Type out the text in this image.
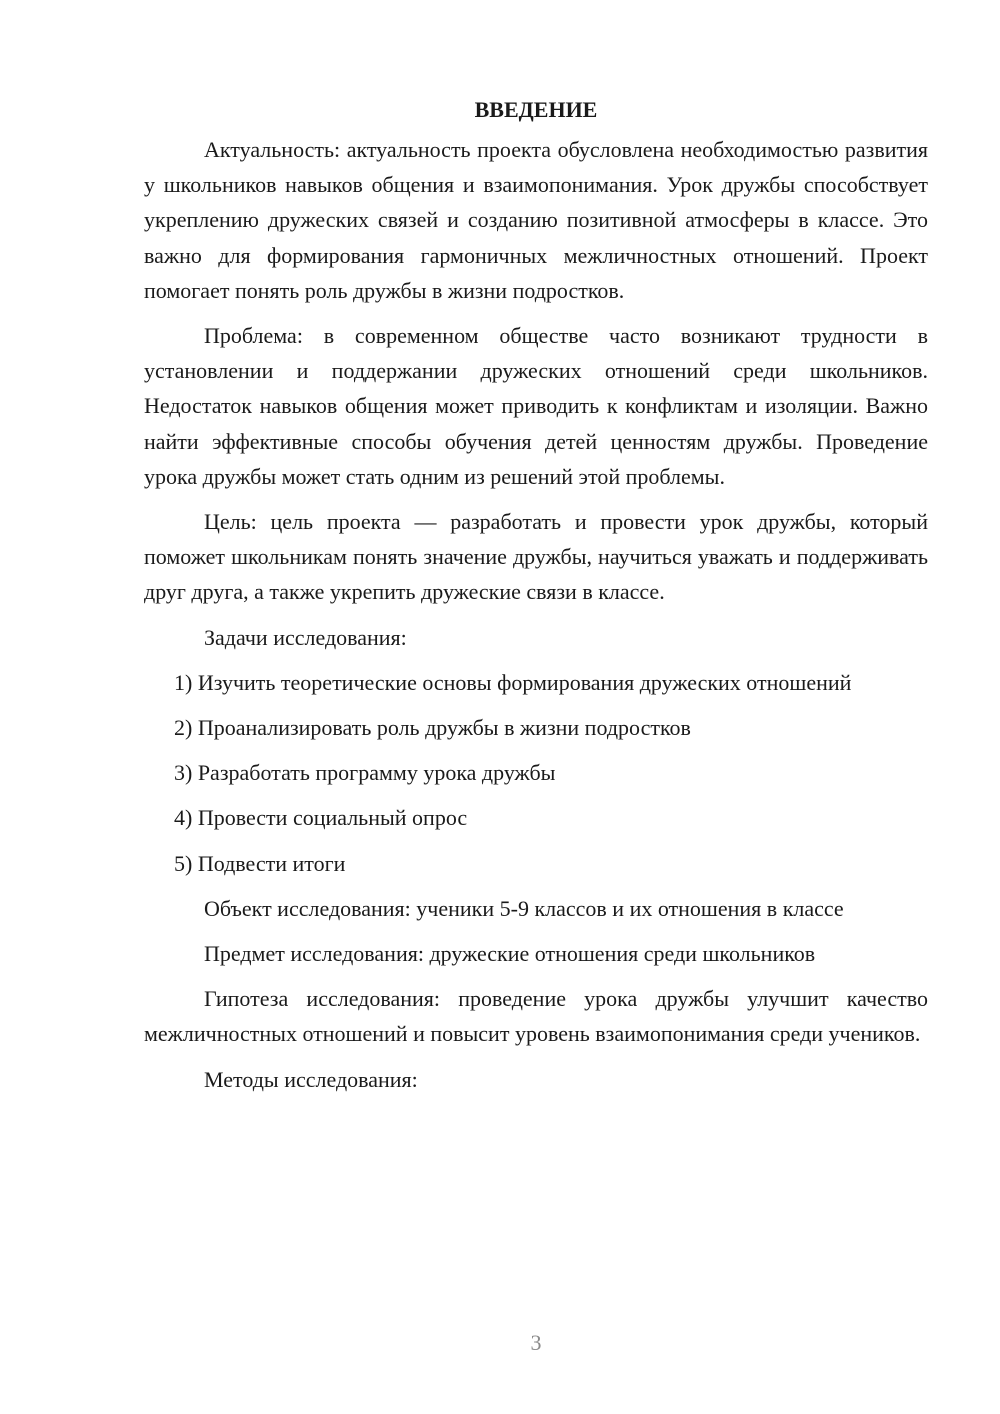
ВВЕДЕНИЕ

Актуальность: актуальность проекта обусловлена необходимостью развития у школьников навыков общения и взаимопонимания. Урок дружбы способствует укреплению дружеских связей и созданию позитивной атмосферы в классе. Это важно для формирования гармоничных межличностных отношений. Проект помогает понять роль дружбы в жизни подростков.

Проблема: в современном обществе часто возникают трудности в установлении и поддержании дружеских отношений среди школьников. Недостаток навыков общения может приводить к конфликтам и изоляции. Важно найти эффективные способы обучения детей ценностям дружбы. Проведение урока дружбы может стать одним из решений этой проблемы.

Цель: цель проекта — разработать и провести урок дружбы, который поможет школьникам понять значение дружбы, научиться уважать и поддерживать друг друга, а также укрепить дружеские связи в классе.

Задачи исследования:

1) Изучить теоретические основы формирования дружеских отношений

2) Проанализировать роль дружбы в жизни подростков

3) Разработать программу урока дружбы

4) Провести социальный опрос

5) Подвести итоги

Объект исследования: ученики 5-9 классов и их отношения в классе

Предмет исследования: дружеские отношения среди школьников

Гипотеза исследования: проведение урока дружбы улучшит качество межличностных отношений и повысит уровень взаимопонимания среди учеников.

Методы исследования:

3
